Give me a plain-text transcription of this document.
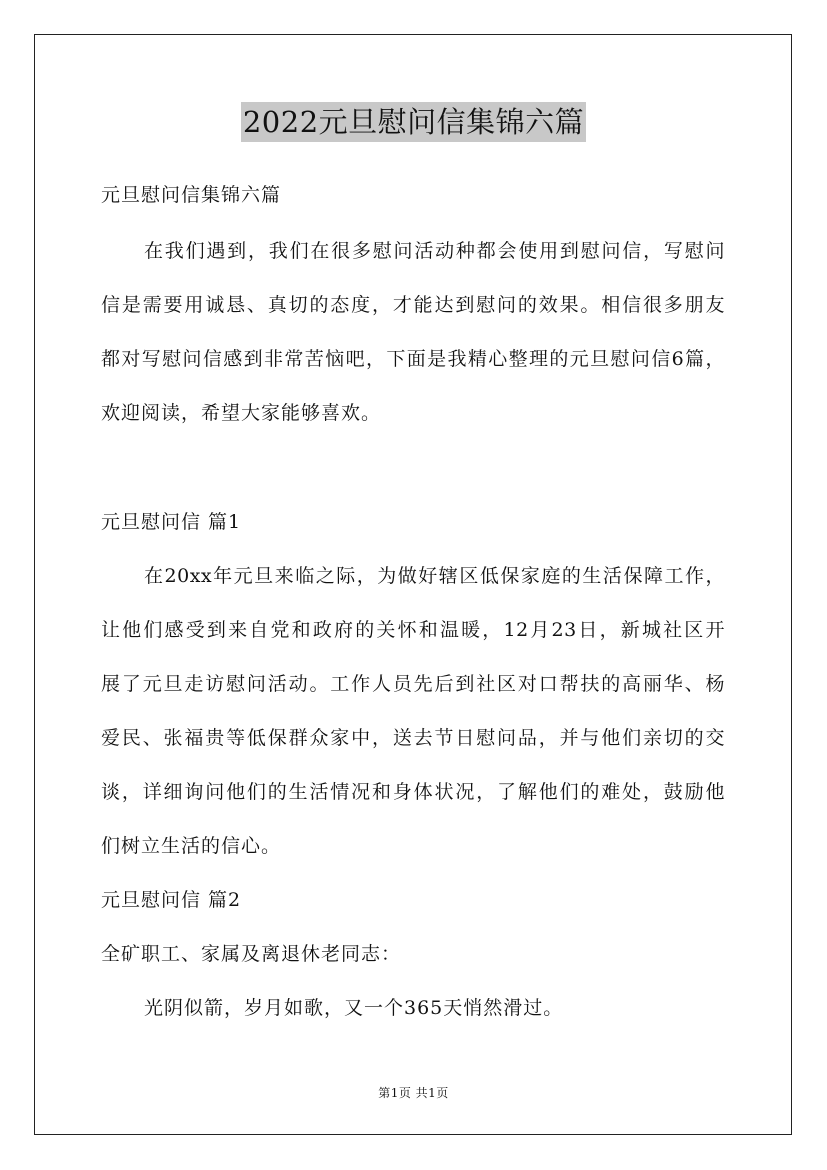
2022元旦慰问信集锦六篇
元旦慰问信集锦六篇
在我们遇到，我们在很多慰问活动种都会使用到慰问信，写慰问
信是需要用诚恳、真切的态度，才能达到慰问的效果。相信很多朋友
都对写慰问信感到非常苦恼吧，下面是我精心整理的元旦慰问信6篇，
欢迎阅读，希望大家能够喜欢。
元旦慰问信 篇1
在20xx年元旦来临之际，为做好辖区低保家庭的生活保障工作，
让他们感受到来自党和政府的关怀和温暖，12月23日，新城社区开
展了元旦走访慰问活动。工作人员先后到社区对口帮扶的高丽华、杨
爱民、张福贵等低保群众家中，送去节日慰问品，并与他们亲切的交
谈，详细询问他们的生活情况和身体状况，了解他们的难处，鼓励他
们树立生活的信心。
元旦慰问信 篇2
全矿职工、家属及离退休老同志：
光阴似箭，岁月如歌，又一个365天悄然滑过。
第1页 共1页
